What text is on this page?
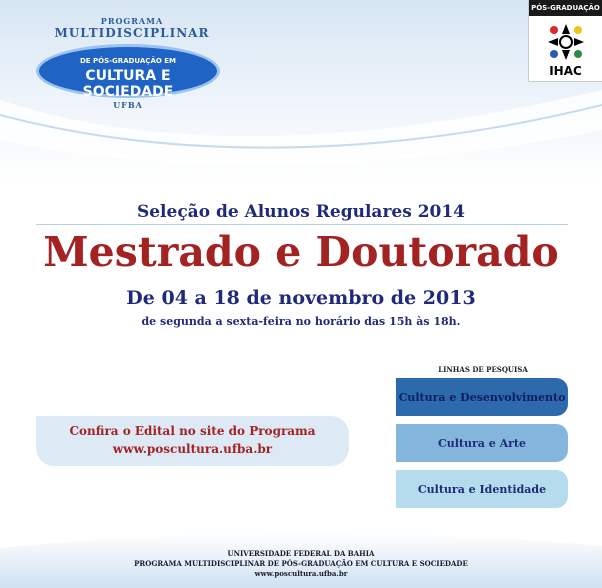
PROGRAMA
MULTIDISCIPLINAR
DE PÓS-GRADUAÇÃO EM
CULTURA E SOCIEDADE
UFBA
PÓS-GRADUAÇÃO
IHAC
Seleção de Alunos Regulares 2014
Mestrado e Doutorado
De 04 a 18 de novembro de 2013
de segunda a sexta-feira no horário das 15h às 18h.
Confira o Edital no site do Programa
www.poscultura.ufba.br
LINHAS DE PESQUISA
Cultura e Desenvolvimento
Cultura e Arte
Cultura e Identidade
UNIVERSIDADE FEDERAL DA BAHIA
PROGRAMA MULTIDISCIPLINAR DE PÓS-GRADUAÇÃO EM CULTURA E SOCIEDADE
www.poscultura.ufba.br
